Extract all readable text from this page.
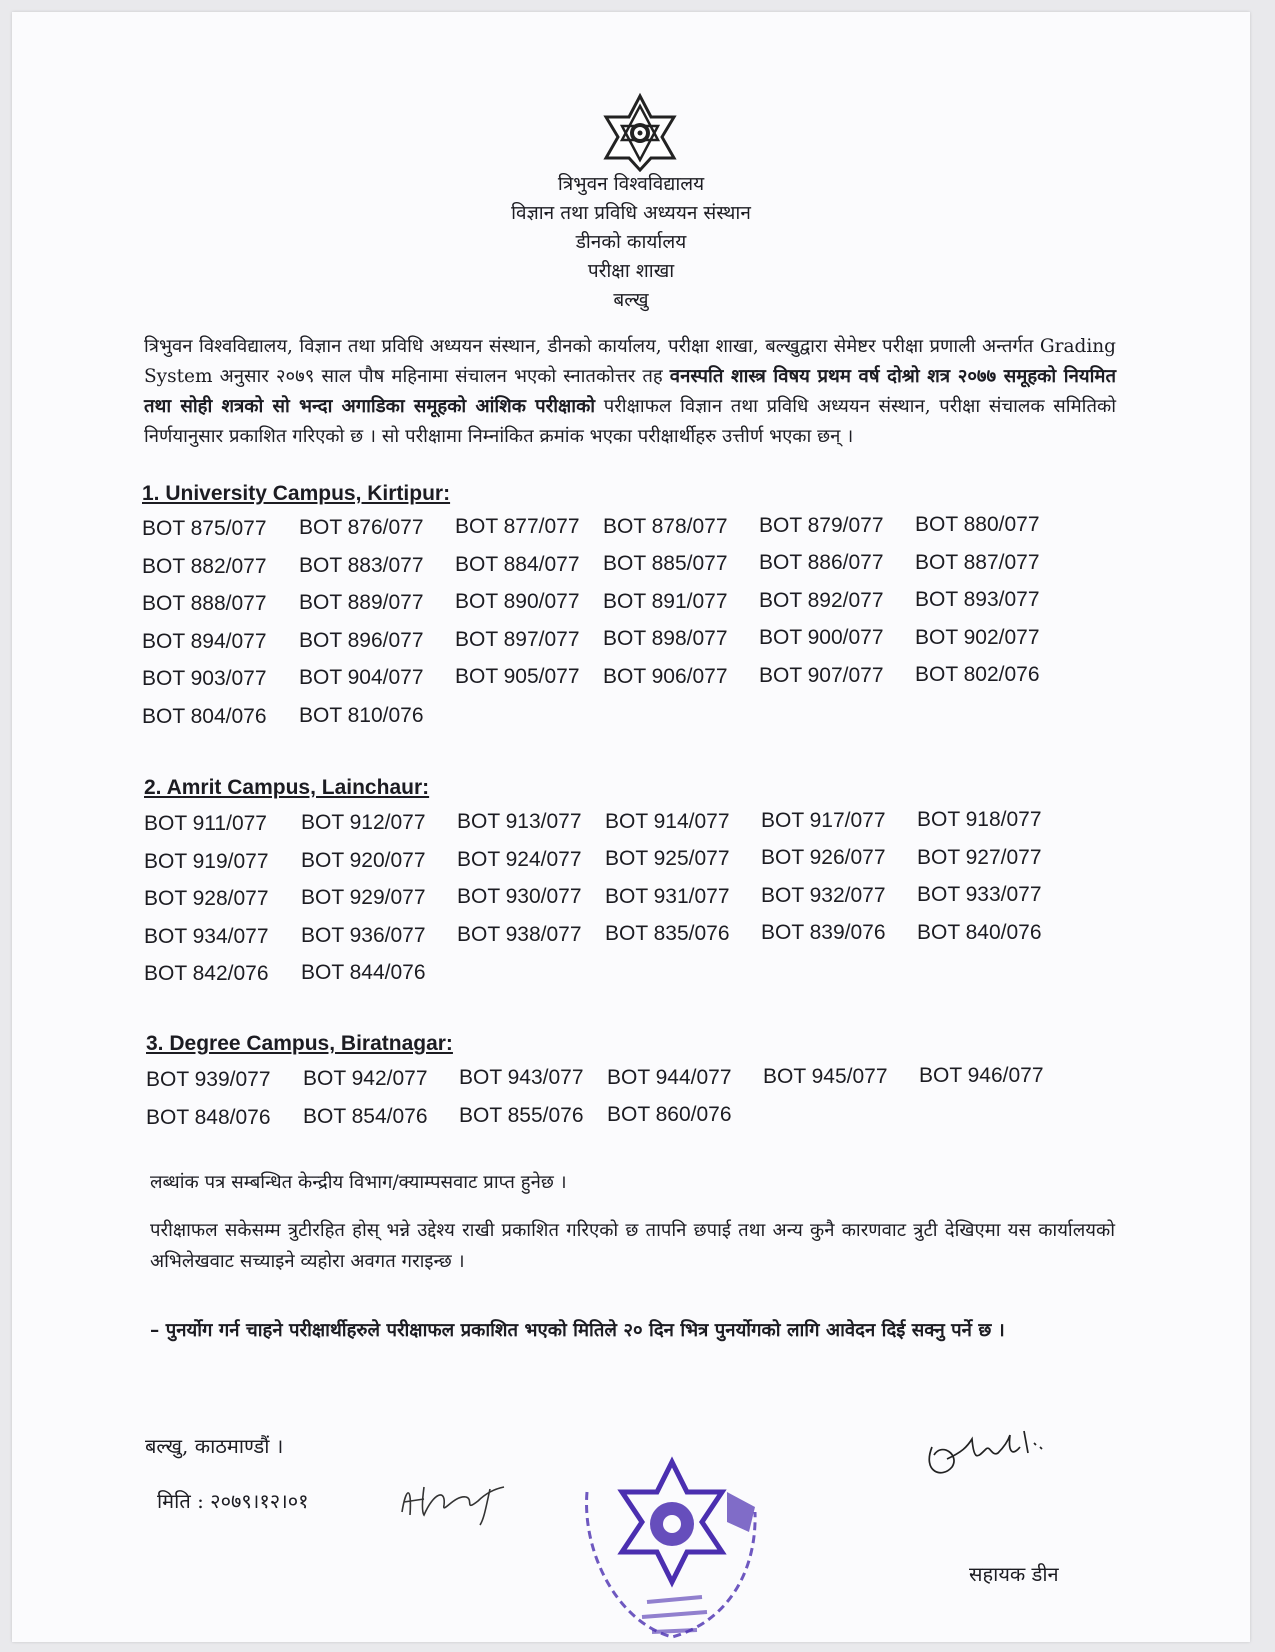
त्रिभुवन विश्वविद्यालय
विज्ञान तथा प्रविधि अध्ययन संस्थान
डीनको कार्यालय
परीक्षा शाखा
बल्खु
त्रिभुवन विश्वविद्यालय, विज्ञान तथा प्रविधि अध्ययन संस्थान, डीनको कार्यालय, परीक्षा शाखा, बल्खुद्वारा सेमेष्टर परीक्षा प्रणाली अन्तर्गत Grading System अनुसार २०७९ साल पौष महिनामा संचालन भएको स्नातकोत्तर तह वनस्पति शास्त्र विषय प्रथम वर्ष दोश्रो शत्र २०७७ समूहको नियमित तथा सोही शत्रको सो भन्दा अगाडिका समूहको आंशिक परीक्षाको परीक्षाफल विज्ञान तथा प्रविधि अध्ययन संस्थान, परीक्षा संचालक समितिको निर्णयानुसार प्रकाशित गरिएको छ । सो परीक्षामा निम्नांकित क्रमांक भएका परीक्षार्थीहरु उत्तीर्ण भएका छन् ।
1. University Campus, Kirtipur:
BOT 875/077 BOT 876/077 BOT 877/077 BOT 878/077 BOT 879/077 BOT 880/077
BOT 882/077 BOT 883/077 BOT 884/077 BOT 885/077 BOT 886/077 BOT 887/077
BOT 888/077 BOT 889/077 BOT 890/077 BOT 891/077 BOT 892/077 BOT 893/077
BOT 894/077 BOT 896/077 BOT 897/077 BOT 898/077 BOT 900/077 BOT 902/077
BOT 903/077 BOT 904/077 BOT 905/077 BOT 906/077 BOT 907/077 BOT 802/076
BOT 804/076 BOT 810/076
2. Amrit Campus, Lainchaur:
BOT 911/077 BOT 912/077 BOT 913/077 BOT 914/077 BOT 917/077 BOT 918/077
BOT 919/077 BOT 920/077 BOT 924/077 BOT 925/077 BOT 926/077 BOT 927/077
BOT 928/077 BOT 929/077 BOT 930/077 BOT 931/077 BOT 932/077 BOT 933/077
BOT 934/077 BOT 936/077 BOT 938/077 BOT 835/076 BOT 839/076 BOT 840/076
BOT 842/076 BOT 844/076
3. Degree Campus, Biratnagar:
BOT 939/077 BOT 942/077 BOT 943/077 BOT 944/077 BOT 945/077 BOT 946/077
BOT 848/076 BOT 854/076 BOT 855/076 BOT 860/076
लब्धांक पत्र सम्बन्धित केन्द्रीय विभाग/क्याम्पसवाट प्राप्त हुनेछ ।
परीक्षाफल सकेसम्म त्रुटीरहित होस् भन्ने उद्देश्य राखी प्रकाशित गरिएको छ तापनि छपाई तथा अन्य कुनै कारणवाट त्रुटी देखिएमा यस कार्यालयको अभिलेखवाट सच्याइने व्यहोरा अवगत गराइन्छ ।
– पुनर्योग गर्न चाहने परीक्षार्थीहरुले परीक्षाफल प्रकाशित भएको मितिले २० दिन भित्र पुनर्योगको लागि आवेदन दिई सक्नु पर्ने छ ।
बल्खु, काठमाण्डौं ।
मिति : २०७९।१२।०१
सहायक डीन
